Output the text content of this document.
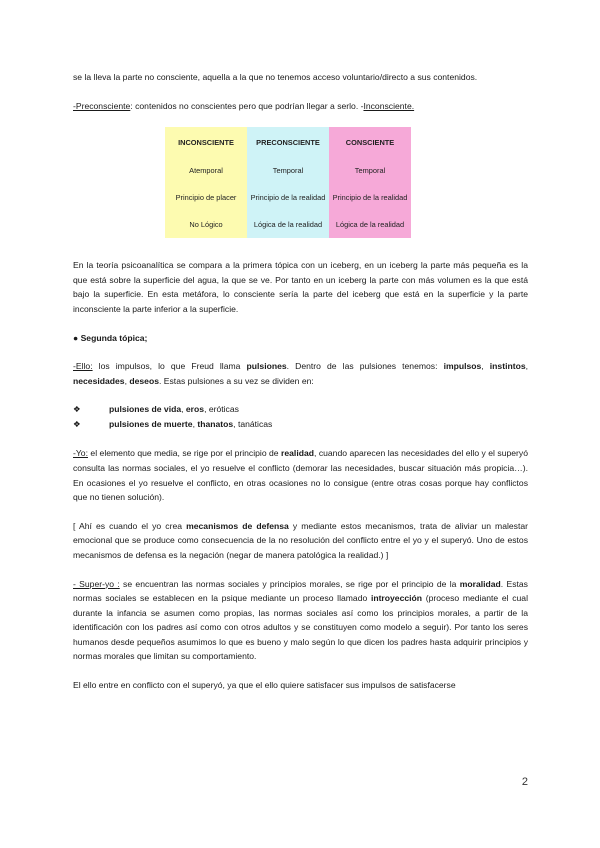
se la lleva la parte no consciente, aquella a la que no tenemos acceso voluntario/directo a sus contenidos.

-Preconsciente: contenidos no conscientes pero que podrían llegar a serlo. -Inconsciente.

INCONSCIENTE	PRECONSCIENTE	CONSCIENTE
Atemporal	Temporal	Temporal
Principio de placer	Principio de la realidad	Principio de la realidad
No Lógico	Lógica de la realidad	Lógica de la realidad

En la teoría psicoanalítica se compara a la primera tópica con un iceberg, en un iceberg la parte más pequeña es la que está sobre la superficie del agua, la que se ve. Por tanto en un iceberg la parte con más volumen es la que está bajo la superficie. En esta metáfora, lo consciente sería la parte del iceberg que está en la superficie y la parte inconsciente la parte inferior a la superficie.

● Segunda tópica;

-Ello: los impulsos, lo que Freud llama pulsiones. Dentro de las pulsiones tenemos: impulsos, instintos, necesidades, deseos. Estas pulsiones a su vez se dividen en:

❖	pulsiones de vida, eros, eróticas
❖	pulsiones de muerte, thanatos, tanáticas

-Yo: el elemento que media, se rige por el principio de realidad, cuando aparecen las necesidades del ello y el superyó consulta las normas sociales, el yo resuelve el conflicto (demorar las necesidades, buscar situación más propicia…). En ocasiones el yo resuelve el conflicto, en otras ocasiones no lo consigue (entre otras cosas porque hay conflictos que no tienen solución).

[ Ahí es cuando el yo crea mecanismos de defensa y mediante estos mecanismos, trata de aliviar un malestar emocional que se produce como consecuencia de la no resolución del conflicto entre el yo y el superyó. Uno de estos mecanismos de defensa es la negación (negar de manera patológica la realidad.) ]

- Super-yo : se encuentran las normas sociales y principios morales, se rige por el principio de la moralidad. Estas normas sociales se establecen en la psique mediante un proceso llamado introyección (proceso mediante el cual durante la infancia se asumen como propias, las normas sociales así como los principios morales, a partir de la identificación con los padres así como con otros adultos y se constituyen como modelo a seguir). Por tanto los seres humanos desde pequeños asumimos lo que es bueno y malo según lo que dicen los padres hasta adquirir principios y normas morales que limitan su comportamiento.

El ello entre en conflicto con el superyó, ya que el ello quiere satisfacer sus impulsos de satisfacerse

2
